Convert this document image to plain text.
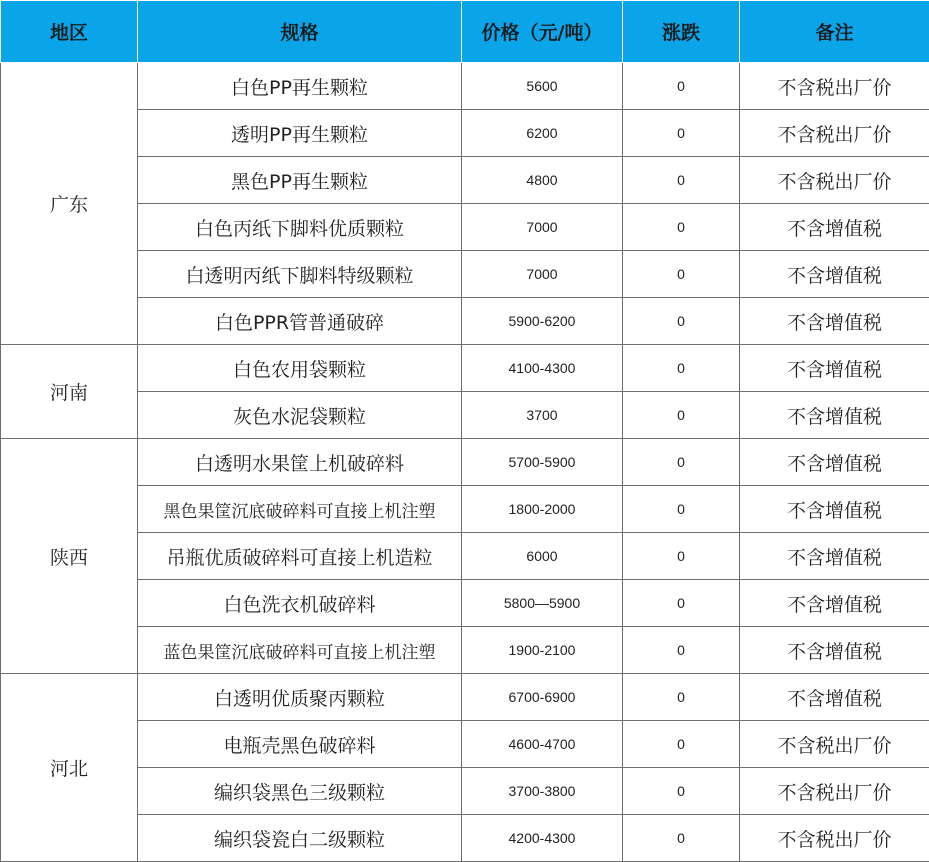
地区	规格	价格（元/吨）	涨跌	备注
广东	白色PP再生颗粒	5600	0	不含税出厂价
	透明PP再生颗粒	6200	0	不含税出厂价
	黑色PP再生颗粒	4800	0	不含税出厂价
	白色丙纸下脚料优质颗粒	7000	0	不含增值税
	白透明丙纸下脚料特级颗粒	7000	0	不含增值税
	白色PPR管普通破碎	5900-6200	0	不含增值税
河南	白色农用袋颗粒	4100-4300	0	不含增值税
	灰色水泥袋颗粒	3700	0	不含增值税
陕西	白透明水果筐上机破碎料	5700-5900	0	不含增值税
	黑色果筐沉底破碎料可直接上机注塑	1800-2000	0	不含增值税
	吊瓶优质破碎料可直接上机造粒	6000	0	不含增值税
	白色洗衣机破碎料	5800—5900	0	不含增值税
	蓝色果筐沉底破碎料可直接上机注塑	1900-2100	0	不含增值税
河北	白透明优质聚丙颗粒	6700-6900	0	不含增值税
	电瓶壳黑色破碎料	4600-4700	0	不含税出厂价
	编织袋黑色三级颗粒	3700-3800	0	不含税出厂价
	编织袋瓷白二级颗粒	4200-4300	0	不含税出厂价
